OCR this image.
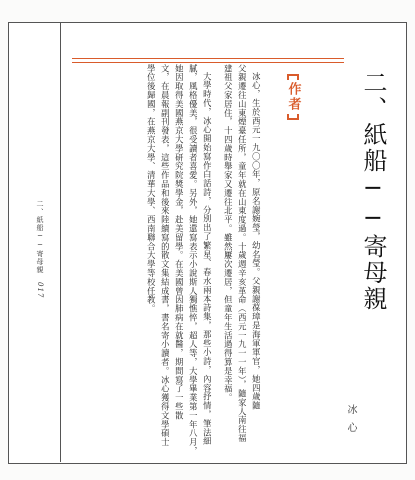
二、紙船──寄母親
冰心
作者
冰心，生於西元一九〇〇年，原名謝婉瑩，幼名瑩。父親謝葆璋是海軍軍官，她四歲隨
父親遷往山東煙臺任所，童年就在山東度過。十歲週辛亥革命（西元一九一一年），隨家人南往福
建祖父家居住，十四歲時舉家又遷往北平。雖然屢次遷居，但童年生活過得算是幸福。
大學時代，冰心開始寫作白話詩，分別出了繁星、春水兩本詩集，那些小詩，內容抒情，筆法細
膩，風格優美，很受讀者喜愛。另外，她還寫表示小說斯人獨憔悴，超人等，大學畢業第一年八月，
她因取得美國燕京大學研究院獎學金，赴美留學。在美國曾因肺病在就醫，期間寫了一些散
文，在晨報副刊發表，這些作品和後來陸續寫的散文集結成書，書名寄小讀者。冰心獲得文學碩士
學位後歸國，在燕京大學、清華大學、西南聯合大學等校任教。
二、紙船──寄母親
017
